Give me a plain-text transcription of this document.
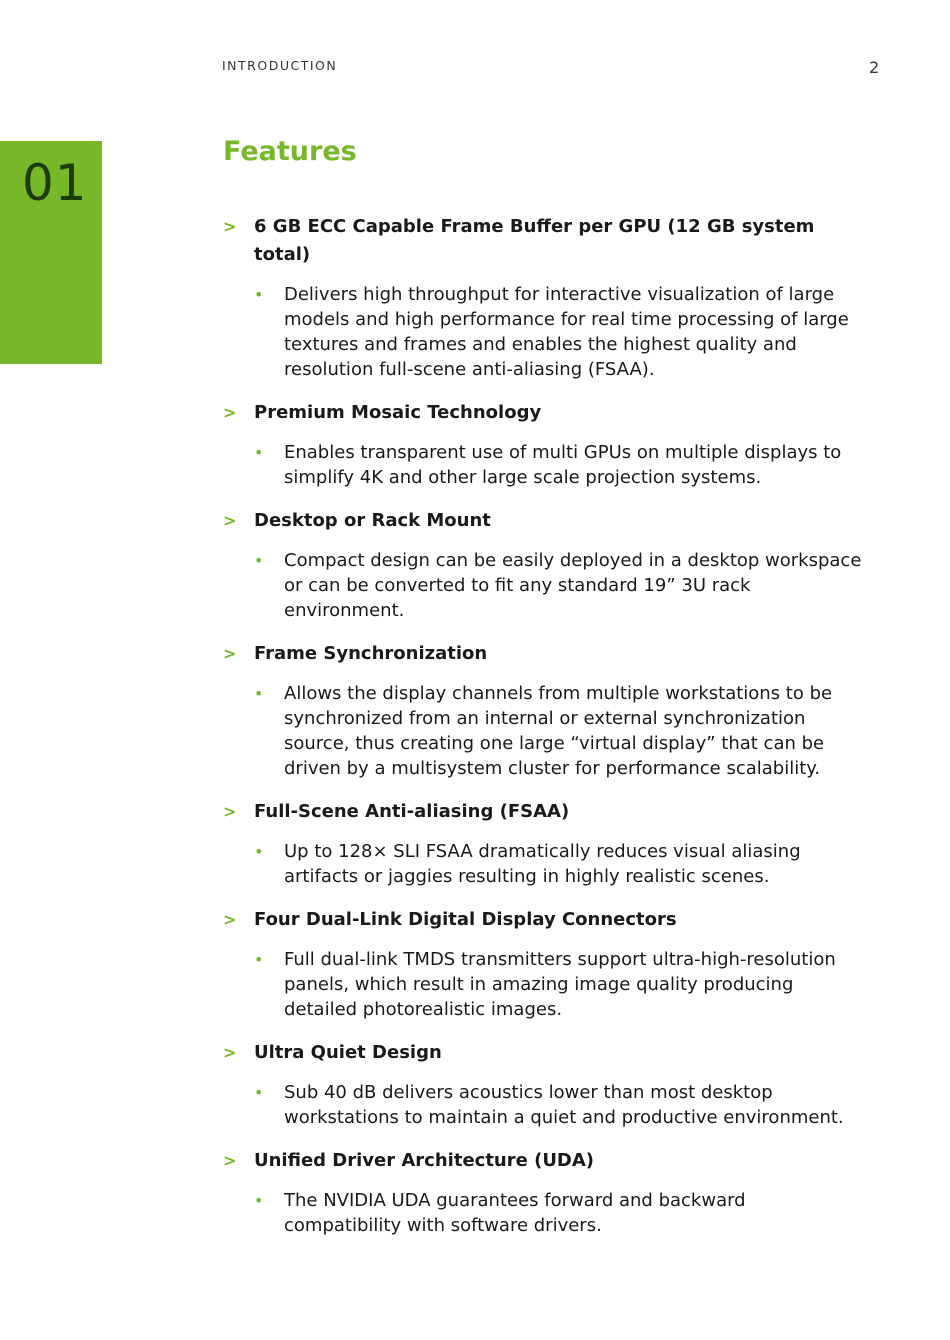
INTRODUCTION	2
01
Features
> 6 GB ECC Capable Frame Buffer per GPU (12 GB system total)
•	Delivers high throughput for interactive visualization of large models and high performance for real time processing of large textures and frames and enables the highest quality and resolution full-scene anti-aliasing (FSAA).
> Premium Mosaic Technology
•	Enables transparent use of multi GPUs on multiple displays to simplify 4K and other large scale projection systems.
> Desktop or Rack Mount
•	Compact design can be easily deployed in a desktop workspace or can be converted to fit any standard 19” 3U rack environment.
> Frame Synchronization
•	Allows the display channels from multiple workstations to be synchronized from an internal or external synchronization source, thus creating one large “virtual display” that can be driven by a multisystem cluster for performance scalability.
> Full-Scene Anti-aliasing (FSAA)
•	Up to 128× SLI FSAA dramatically reduces visual aliasing artifacts or jaggies resulting in highly realistic scenes.
> Four Dual-Link Digital Display Connectors
•	Full dual-link TMDS transmitters support ultra-high-resolution panels, which result in amazing image quality producing detailed photorealistic images.
> Ultra Quiet Design
•	Sub 40 dB delivers acoustics lower than most desktop workstations to maintain a quiet and productive environment.
> Unified Driver Architecture (UDA)
•	The NVIDIA UDA guarantees forward and backward compatibility with software drivers.
